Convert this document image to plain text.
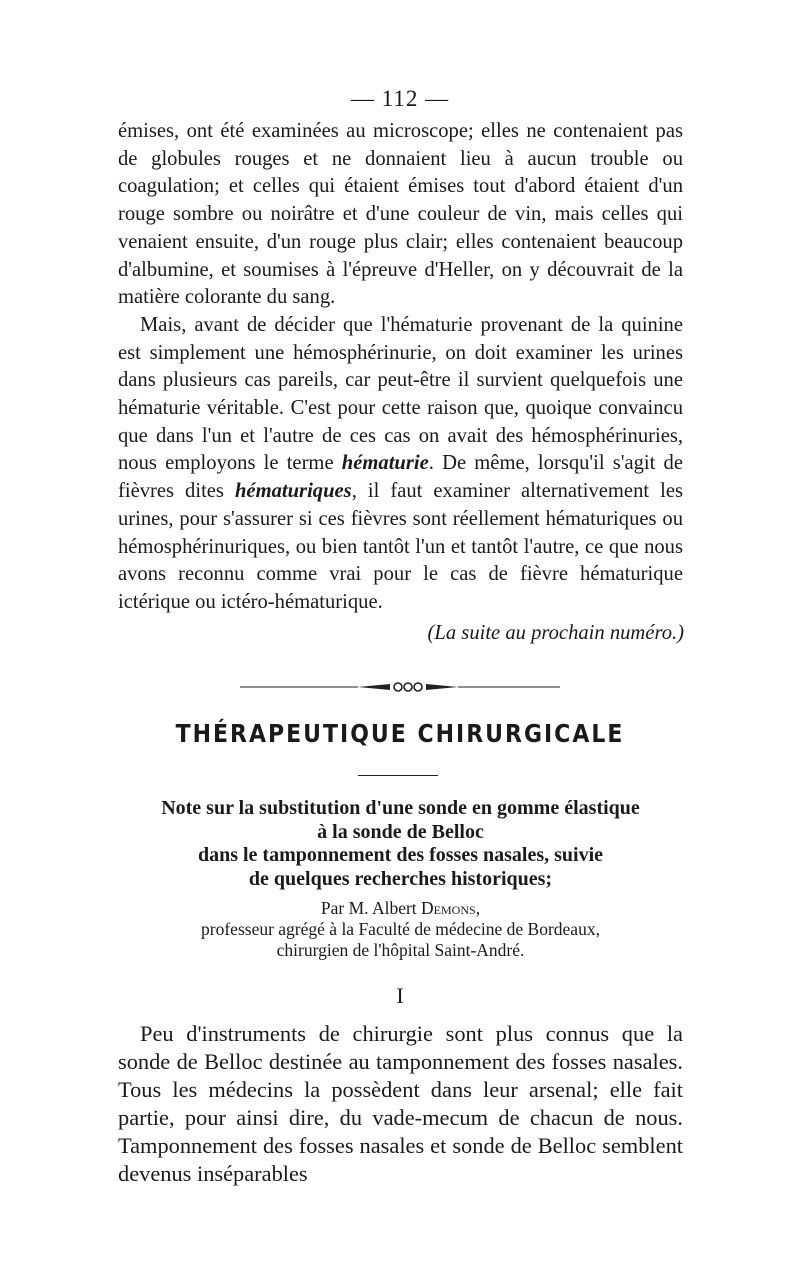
— 112 —

émises, ont été examinées au microscope; elles ne contenaient pas de globules rouges et ne donnaient lieu à aucun trouble ou coagulation; et celles qui étaient émises tout d'abord étaient d'un rouge sombre ou noirâtre et d'une couleur de vin, mais celles qui venaient ensuite, d'un rouge plus clair; elles contenaient beaucoup d'albumine, et soumises à l'épreuve d'Heller, on y découvrait de la matière colorante du sang.

Mais, avant de décider que l'hématurie provenant de la quinine est simplement une hémosphérinurie, on doit examiner les urines dans plusieurs cas pareils, car peut-être il survient quelquefois une hématurie véritable. C'est pour cette raison que, quoique convaincu que dans l'un et l'autre de ces cas on avait des hémosphérinuries, nous employons le terme hématurie. De même, lorsqu'il s'agit de fièvres dites hématuriques, il faut examiner alternativement les urines, pour s'assurer si ces fièvres sont réellement hématuriques ou hémosphérinuriques, ou bien tantôt l'un et tantôt l'autre, ce que nous avons reconnu comme vrai pour le cas de fièvre hématurique ictérique ou ictéro-hématurique.

(La suite au prochain numéro.)
THÉRAPEUTIQUE CHIRURGICALE
Note sur la substitution d'une sonde en gomme élastique
à la sonde de Belloc
dans le tamponnement des fosses nasales, suivie
de quelques recherches historiques;
Par M. Albert Demons,
professeur agrégé à la Faculté de médecine de Bordeaux,
chirurgien de l'hôpital Saint-André.
I

Peu d'instruments de chirurgie sont plus connus que la sonde de Belloc destinée au tamponnement des fosses nasales. Tous les médecins la possèdent dans leur arsenal; elle fait partie, pour ainsi dire, du vade-mecum de chacun de nous. Tamponnement des fosses nasales et sonde de Belloc semblent devenus inséparables
